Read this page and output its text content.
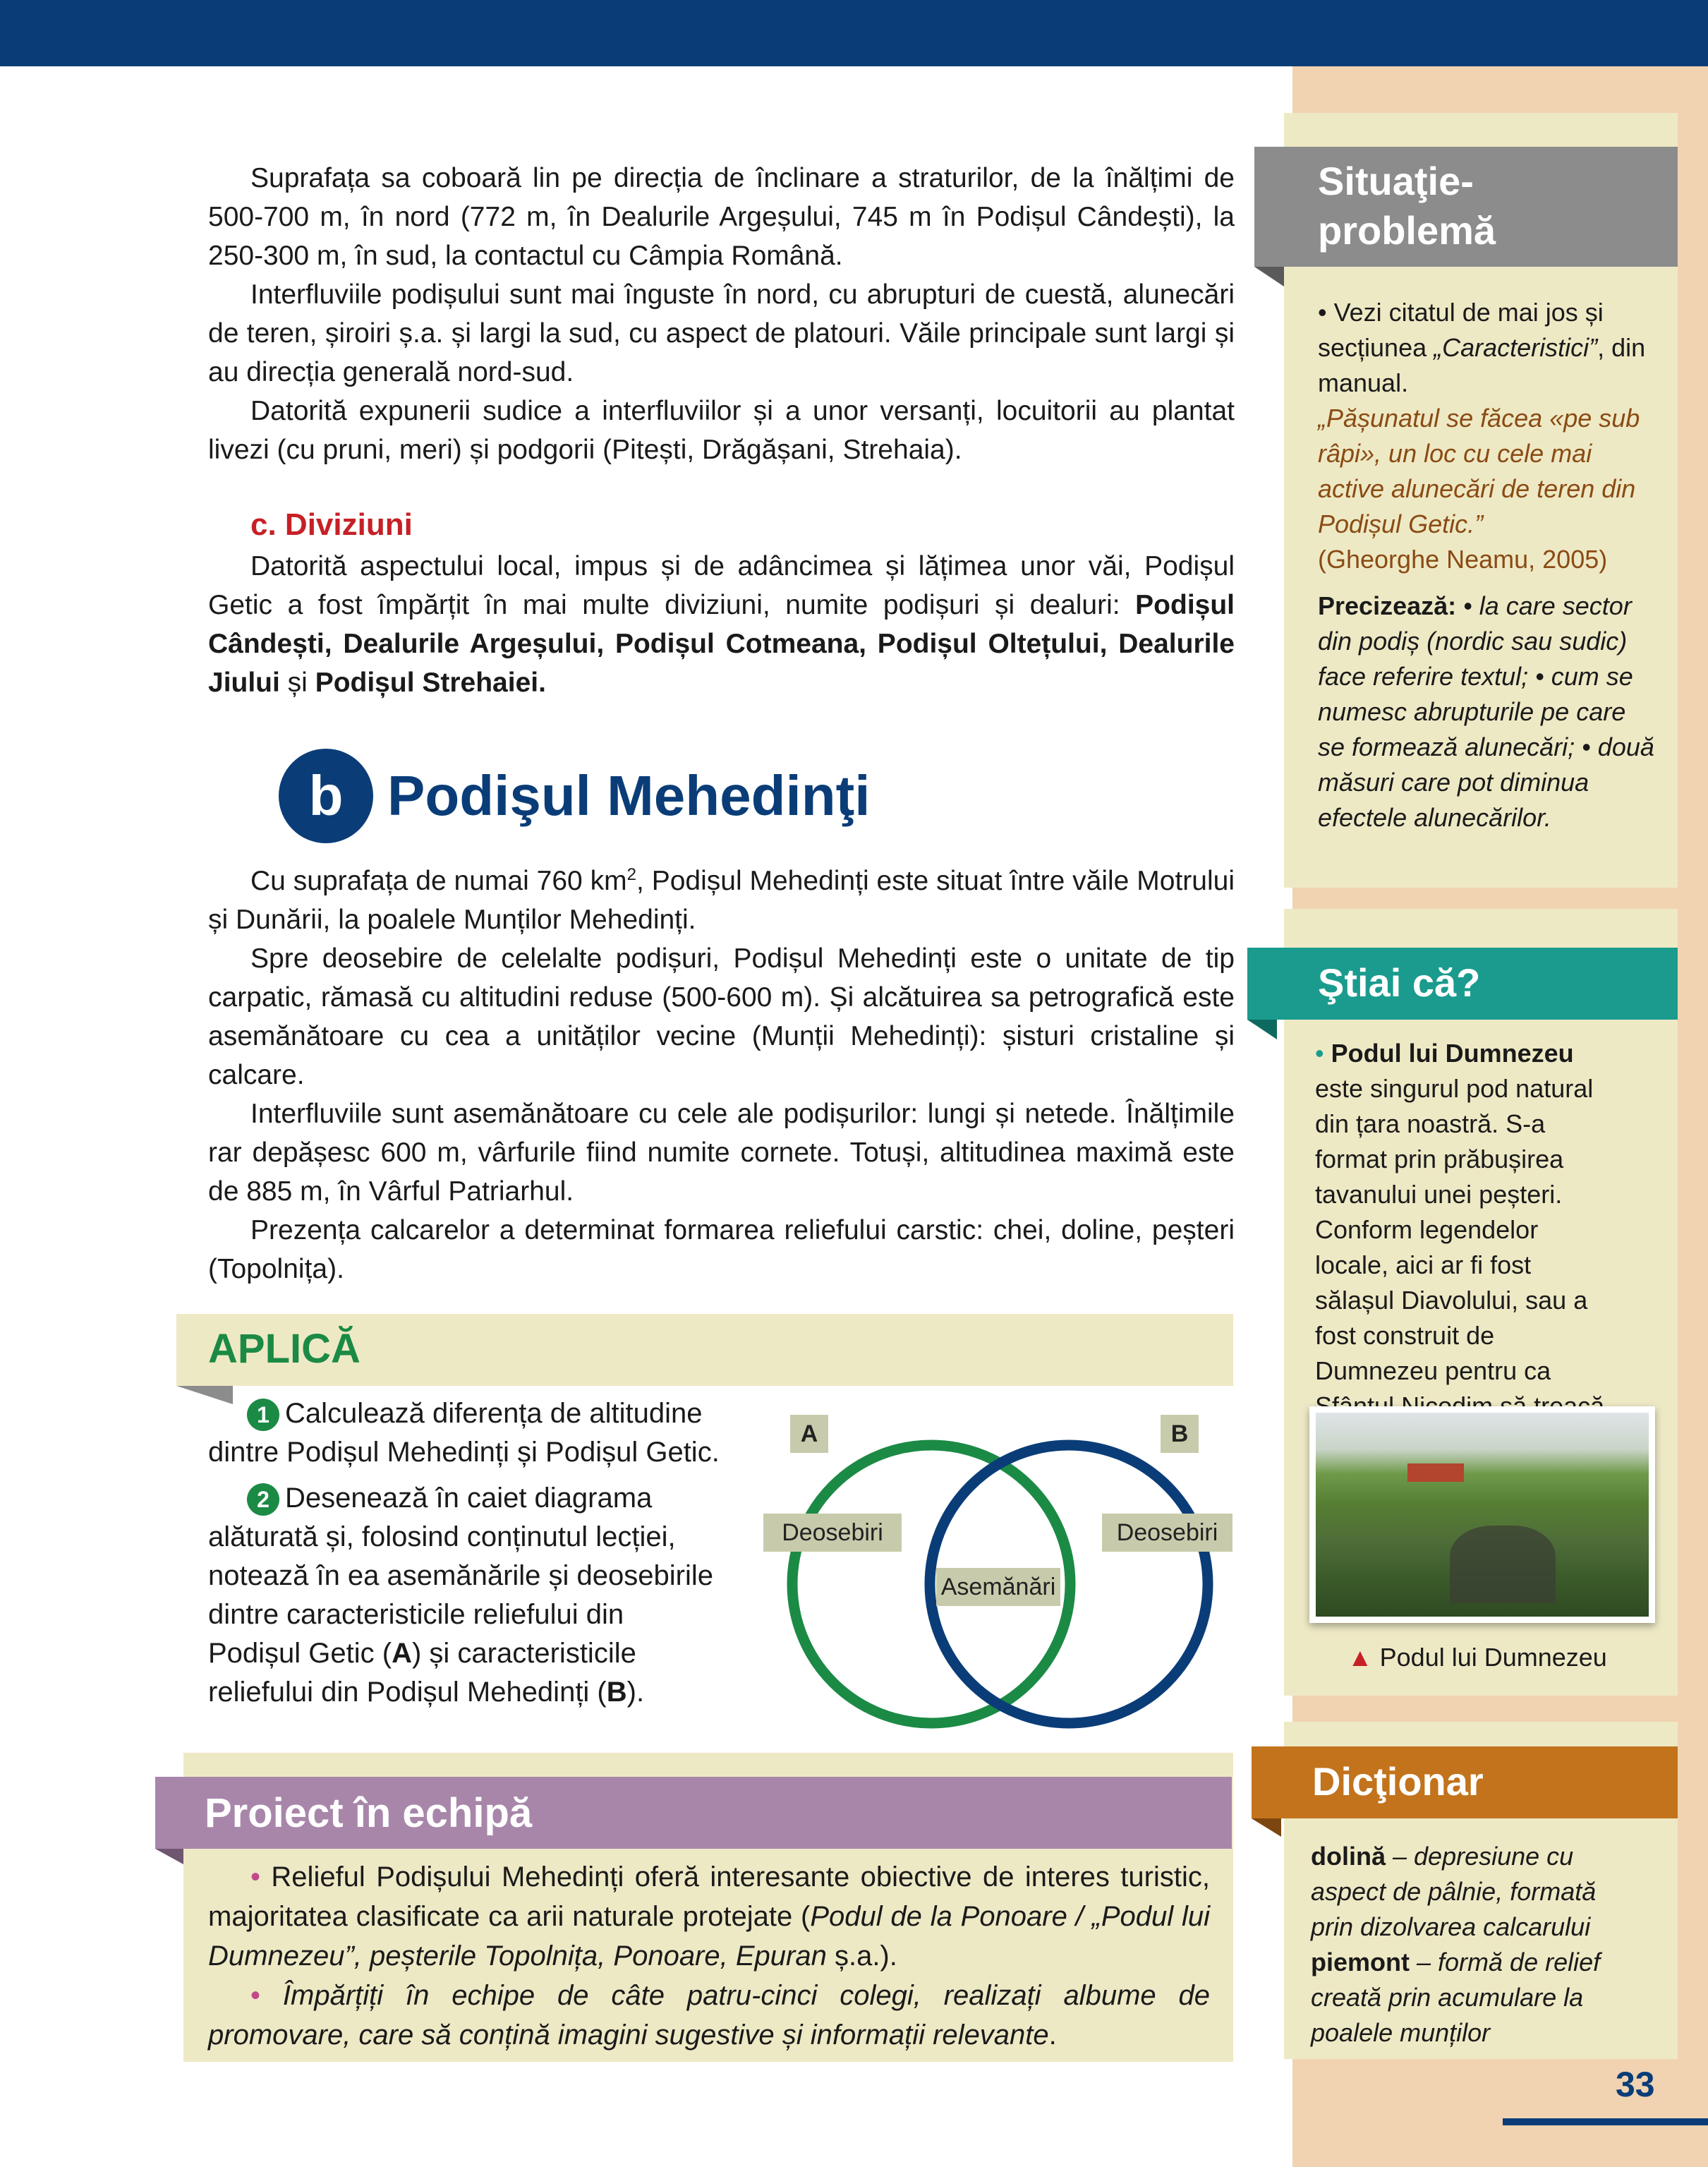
Suprafața sa coboară lin pe direcția de înclinare a straturilor, de la înălțimi de 500-700 m, în nord (772 m, în Dealurile Argeșului, 745 m în Podișul Cândești), la 250-300 m, în sud, la contactul cu Câmpia Română.

Interfluviile podișului sunt mai înguste în nord, cu abrupturi de cuestă, alunecări de teren, șiroiri ș.a. și largi la sud, cu aspect de platouri. Văile principale sunt largi și au direcția generală nord-sud.

Datorită expunerii sudice a interfluviilor și a unor versanți, locuitorii au plantat livezi (cu pruni, meri) și podgorii (Pitești, Drăgășani, Strehaia).

c. Diviziuni

Datorită aspectului local, impus și de adâncimea și lățimea unor văi, Podișul Getic a fost împărțit în mai multe diviziuni, numite podișuri și dealuri: Podișul Cândești, Dealurile Argeșului, Podișul Cotmeana, Podișul Oltețului, Dealurile Jiului și Podișul Strehaiei.

b Podişul Mehedinţi

Cu suprafața de numai 760 $km^2$, Podișul Mehedinți este situat între văile Motrului și Dunării, la poalele Munților Mehedinți.

Spre deosebire de celelalte podișuri, Podișul Mehedinți este o unitate de tip carpatic, rămasă cu altitudini reduse (500-600 m). Și alcătuirea sa petrografică este asemănătoare cu cea a unităților vecine (Munții Mehedinți): șisturi cristaline și calcare.

Interfluviile sunt asemănătoare cu cele ale podișurilor: lungi și netede. Înălțimile rar depășesc 600 m, vârfurile fiind numite cornete. Totuși, altitudinea maximă este de 885 m, în Vârful Patriarhul.

Prezența calcarelor a determinat formarea reliefului carstic: chei, doline, peșteri (Topolnița).

APLICĂ
1 Calculează diferența de altitudine
dintre Podișul Mehedinți și Podișul Getic.
2 Desenează în caiet diagrama
alăturată și, folosind conținutul lecției,
notează în ea asemănările și deosebirile
dintre caracteristicile reliefului din
Podișul Getic (A) și caracteristicile
reliefului din Podișul Mehedinți (B).
A	B
Deosebiri	Deosebiri
Asemănări
Proiect în echipă

• Relieful Podișului Mehedinți oferă interesante obiective de interes turistic, majoritatea clasificate ca arii naturale protejate (Podul de la Ponoare / „Podul lui Dumnezeu”, peșterile Topolnița, Ponoare, Epuran ș.a.).

• Împărțiți în echipe de câte patru-cinci colegi, realizați albume de promovare, care să conțină imagini sugestive și informații relevante.

Situaţie-
problemă

• Vezi citatul de mai jos și secțiunea „Caracteristici”, din manual.

„Pășunatul se făcea «pe sub râpi», un loc cu cele mai active alunecări de teren din Podișul Getic.”

(Gheorghe Neamu, 2005)

Precizează: • la care sector din podiș (nordic sau sudic) face referire textul; • cum se numesc abrupturile pe care se formează alunecări; • două măsuri care pot diminua efectele alunecărilor.

Ştiai că?

• Podul lui Dumnezeu este singurul pod natural din țara noastră. S-a format prin prăbușirea tavanului unei peșteri. Conform legendelor locale, aici ar fi fost sălașul Diavolului, sau a fost construit de Dumnezeu pentru ca

▲ Podul lui Dumnezeu
Dicţionar

dolină – depresiune cu aspect de pâlnie, formată prin dizolvarea calcarului

piemont – formă de relief creată prin acumulare la poalele munților

33
